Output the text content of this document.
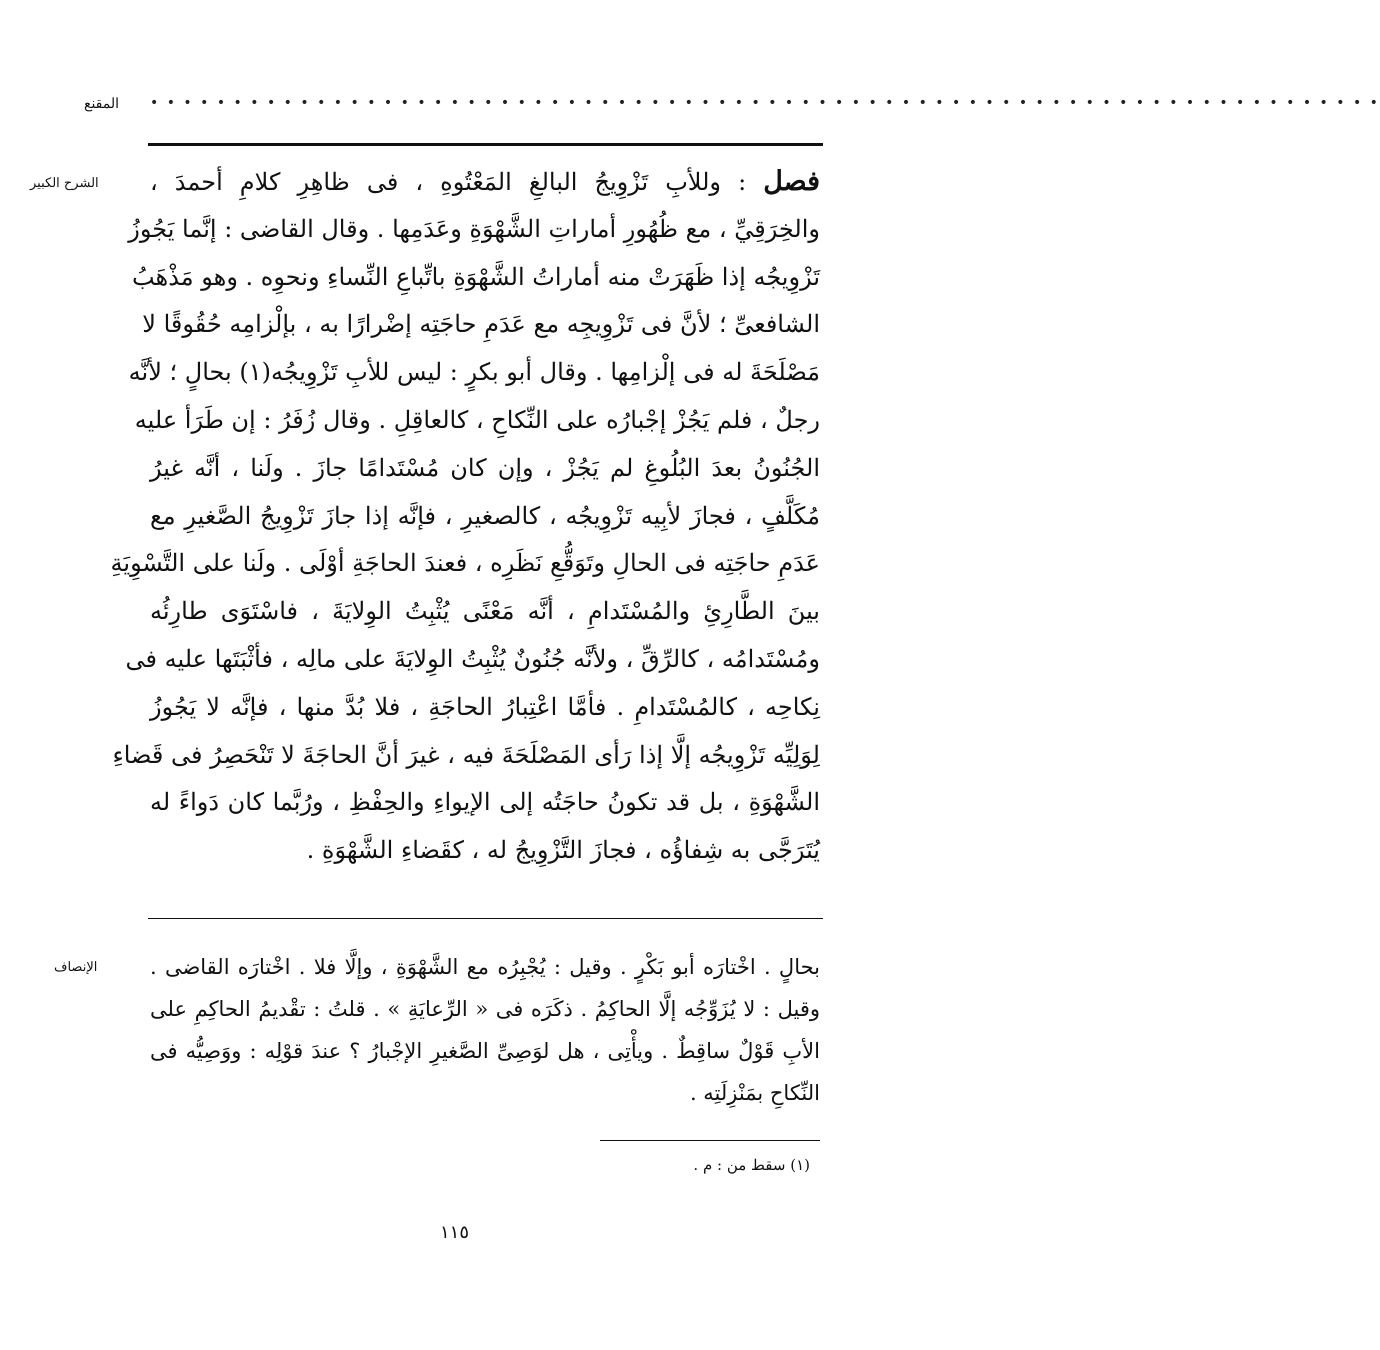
• • • • • • • • • • • • • • • • • • • • • • • • • • • • • • • • • • • • • • • • • • • • • • • • • • • • • • • • • • • • • • • • • • • • • • • • • •
المقنع
الشرح الكبير	فصل : وللأبِ تَزْوِيجُ البالغِ المَعْتُوهِ ، فى ظاهِرِ كلامِ أحمدَ ،
والخِرَقِيِّ ، مع ظُهُورِ أماراتِ الشَّهْوَةِ وعَدَمِها . وقال القاضى : إنَّما يَجُوزُ
تَزْوِيجُه إذا ظَهَرَتْ منه أماراتُ الشَّهْوَةِ باتِّباعِ النِّساءِ ونحوِه . وهو مَذْهَبُ
الشافعىِّ ؛ لأنَّ فى تَزْوِيجِه مع عَدَمِ حاجَتِه إضْرارًا به ، بإلْزامِه حُقُوقًا لا
مَصْلَحَةَ له فى إلْزامِها . وقال أبو بكرٍ : ليس للأبِ تَزْوِيجُه(١) بحالٍ ؛ لأنَّه
رجلٌ ، فلم يَجُزْ إجْبارُه على النِّكاحِ ، كالعاقِلِ . وقال زُفَرُ : إن طَرَأ عليه
الجُنُونُ بعدَ البُلُوغِ لم يَجُزْ ، وإن كان مُسْتَدامًا جازَ . ولَنا ، أنَّه غيرُ
مُكَلَّفٍ ، فجازَ لأبِيه تَزْوِيجُه ، كالصغيرِ ، فإنَّه إذا جازَ تَزْوِيجُ الصَّغيرِ مع
عَدَمِ حاجَتِه فى الحالِ وتَوَقُّعِ نَظَرِه ، فعندَ الحاجَةِ أوْلَى . ولَنا على التَّسْوِيَةِ
بينَ الطَّارِئِ والمُسْتَدامِ ، أنَّه مَعْنًى يُثْبِتُ الوِلايَةَ ، فاسْتَوَى طارِئُه
ومُسْتَدامُه ، كالرِّقِّ ، ولأنَّه جُنُونٌ يُثْبِتُ الوِلايَةَ على مالِه ، فأثْبَتَها عليه فى
نِكاحِه ، كالمُسْتَدامِ . فأمَّا اعْتِبارُ الحاجَةِ ، فلا بُدَّ منها ، فإنَّه لا يَجُوزُ
لِوَلِيِّه تَزْوِيجُه إلَّا إذا رَأى المَصْلَحَةَ فيه ، غيرَ أنَّ الحاجَةَ لا تَنْحَصِرُ فى قَضاءِ
الشَّهْوَةِ ، بل قد تكونُ حاجَتُه إلى الإيواءِ والحِفْظِ ، ورُبَّما كان دَواءً له
يُتَرَجَّى به شِفاؤُه ، فجازَ التَّزْوِيجُ له ، كقَضاءِ الشَّهْوَةِ .
الإنصاف	بحالٍ . اخْتارَه أبو بَكْرٍ . وقيل : يُجْبِرُه مع الشَّهْوَةِ ، وإلَّا فلا . اخْتارَه القاضى .
وقيل : لا يُزَوِّجُه إلَّا الحاكِمُ . ذكَرَه فى « الرِّعايَةِ » . قلتُ : تقْديمُ الحاكِمِ على
الأبِ قَوْلٌ ساقِطٌ . ويأْتِى ، هل لوَصِىِّ الصَّغيرِ الإجْبارُ ؟ عندَ قوْلِه : ووَصِيُّه فى
النِّكاحِ بمَنْزِلَتِه .
(١) سقط من : م .
١١٥
